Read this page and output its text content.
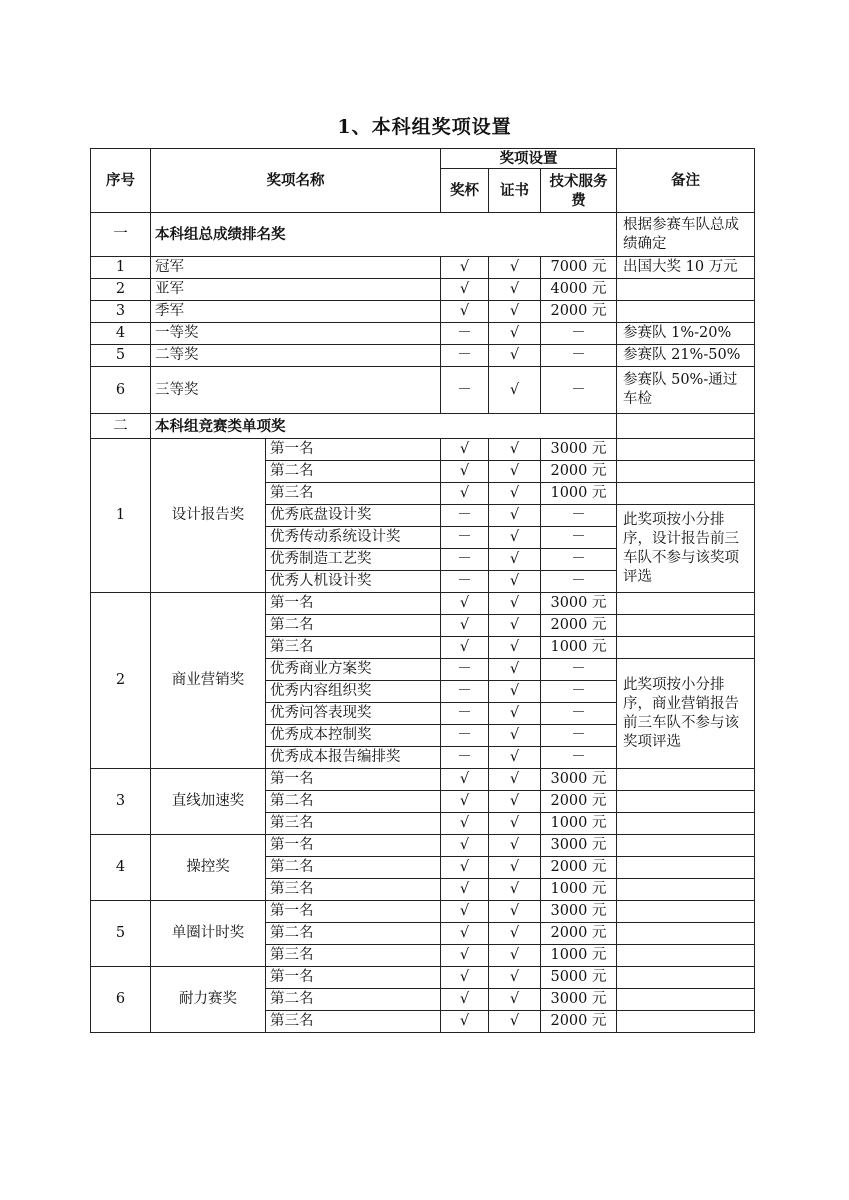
1、本科组奖项设置
序号	奖项名称		奖项设置			备注
			奖杯	证书	技术服务费	
一	本科组总成绩排名奖					根据参赛车队总成绩确定
1	冠军		√	√	7000 元	出国大奖 10 万元
2	亚军		√	√	4000 元	
3	季军		√	√	2000 元	
4	一等奖		－	√	－	参赛队 1%-20%
5	二等奖		－	√	－	参赛队 21%-50%
6	三等奖		－	√	－	参赛队 50%-通过车检
二	本科组竞赛类单项奖					
1	设计报告奖	第一名	√	√	3000 元	
		第二名	√	√	2000 元	
		第三名	√	√	1000 元	
		优秀底盘设计奖	－	√	－	此奖项按小分排序，设计报告前三车队不参与该奖项评选
		优秀传动系统设计奖	－	√	－	
		优秀制造工艺奖	－	√	－	
		优秀人机设计奖	－	√	－	
2	商业营销奖	第一名	√	√	3000 元	
		第二名	√	√	2000 元	
		第三名	√	√	1000 元	
		优秀商业方案奖	－	√	－	此奖项按小分排序，商业营销报告前三车队不参与该奖项评选
		优秀内容组织奖	－	√	－	
		优秀问答表现奖	－	√	－	
		优秀成本控制奖	－	√	－	
		优秀成本报告编排奖	－	√	－	
3	直线加速奖	第一名	√	√	3000 元	
		第二名	√	√	2000 元	
		第三名	√	√	1000 元	
4	操控奖	第一名	√	√	3000 元	
		第二名	√	√	2000 元	
		第三名	√	√	1000 元	
5	单圈计时奖	第一名	√	√	3000 元	
		第二名	√	√	2000 元	
		第三名	√	√	1000 元	
6	耐力赛奖	第一名	√	√	5000 元	
		第二名	√	√	3000 元	
		第三名	√	√	2000 元	
